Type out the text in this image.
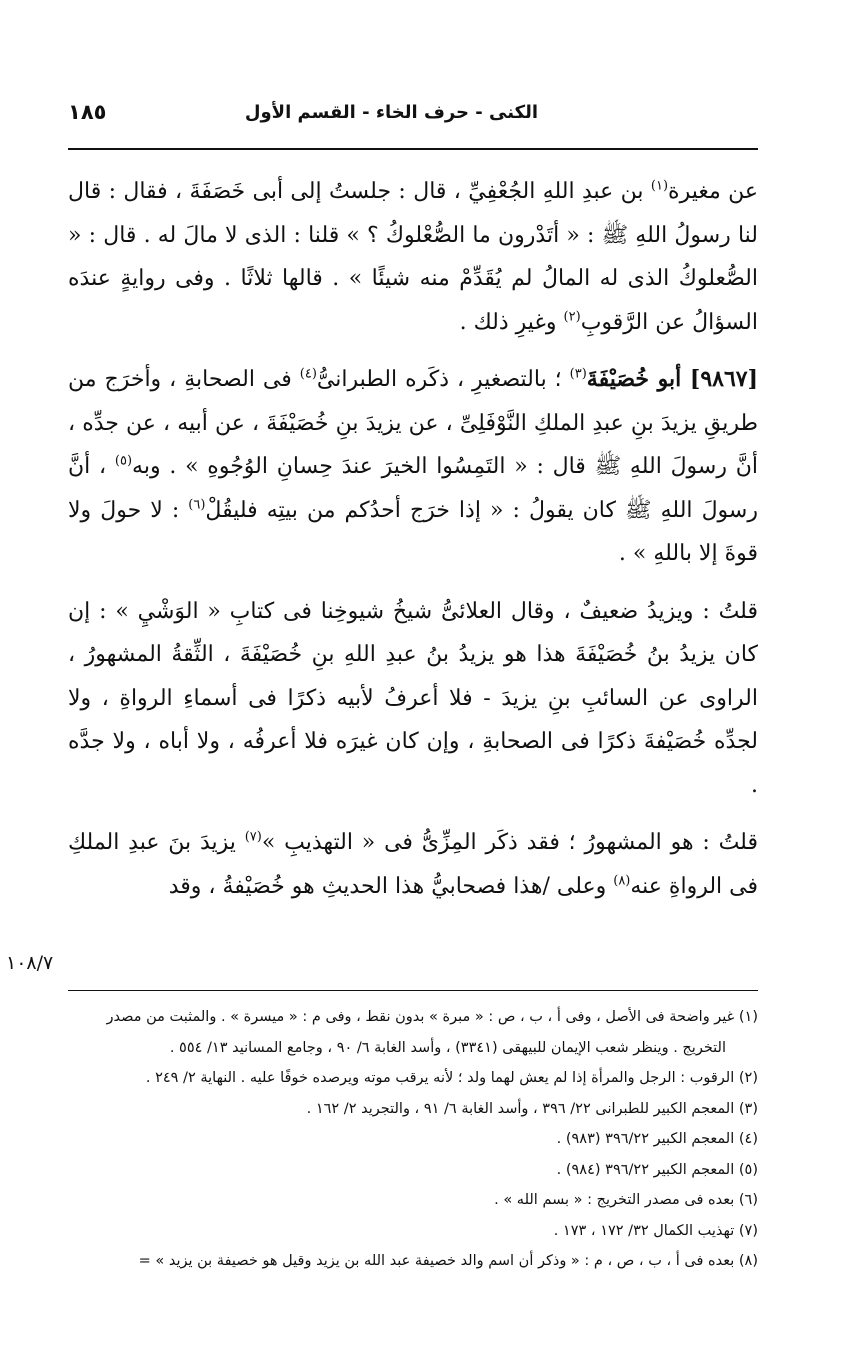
الكنى - حرف الخاء - القسم الأول
١٨٥

عن مغيرة$^{(١)}$ بن عبدِ اللهِ الجُعْفِيِّ ، قال : جلستُ إلى أبى خَصَفَةَ ، فقال : قال لنا رسولُ اللهِ ﷺ : « أتَدْرون ما الصُّعْلوكُ ؟ » قلنا : الذى لا مالَ له . قال : « الصُّعلوكُ الذى له المالُ لم يُقَدِّمْ منه شيئًا » . قالها ثلاثًا . وفى روايةٍ عندَه السؤالُ عن الرَّقوبِ$^{(٢)}$ وغيرِ ذلك .

[٩٨٦٧] أبو خُصَيْفَةَ$^{(٣)}$ ؛ بالتصغيرِ ، ذكَره الطبرانىُّ$^{(٤)}$ فى الصحابةِ ، وأخرَج من طريقِ يزيدَ بنِ عبدِ الملكِ النَّوْفَلِىِّ ، عن يزيدَ بنِ خُصَيْفَةَ ، عن أبيه ، عن جدِّه ، أنَّ رسولَ اللهِ ﷺ قال : « التَمِسُوا الخيرَ عندَ حِسانِ الوُجُوهِ » . وبه$^{(٥)}$ ، أنَّ رسولَ اللهِ ﷺ كان يقولُ : « إذا خرَج أحدُكم من بيتِه فليقُلْ$^{(٦)}$ : لا حولَ ولا قوةَ إلا باللهِ » .

قلتُ : ويزيدُ ضعيفٌ ، وقال العلائىُّ شيخُ شيوخِنا فى كتابِ « الوَشْيِ » : إن كان يزيدُ بنُ خُصَيْفَةَ هذا هو يزيدُ بنُ عبدِ اللهِ بنِ خُصَيْفَةَ ، الثِّقةُ المشهورُ ، الراوى عن السائبِ بنِ يزيدَ - فلا أعرفُ لأبيه ذكرًا فى أسماءِ الرواةِ ، ولا لجدِّه خُصَيْفةَ ذكرًا فى الصحابةِ ، وإن كان غيرَه فلا أعرفُه ، ولا أباه ، ولا جدَّه .

قلتُ : هو المشهورُ ؛ فقد ذكَر المِزِّىُّ فى « التهذيبِ »$^{(٧)}$ يزيدَ بنَ عبدِ الملكِ فى الرواةِ عنه$^{(٨)}$ وعلى /هذا فصحابيُّ هذا الحديثِ هو خُصَيْفةُ ، وقد

١٠٨/٧

(١) غير واضحة فى الأصل ، وفى أ ، ب ، ص : « مبرة » بدون نقط ، وفى م : « ميسرة » . والمثبت من مصدر

التخريج . وينظر شعب الإيمان للبيهقى (٣٣٤١) ، وأسد الغابة ٦/ ٩٠ ، وجامع المسانيد ١٣/ ٥٥٤ .

(٢) الرقوب : الرجل والمرأة إذا لم يعش لهما ولد ؛ لأنه يرقب موته ويرصده خوفًا عليه . النهاية ٢/ ٢٤٩ .

(٣) المعجم الكبير للطبرانى ٢٢/ ٣٩٦ ، وأسد الغابة ٦/ ٩١ ، والتجريد ٢/ ١٦٢ .

(٤) المعجم الكبير ٣٩٦/٢٢ (٩٨٣) .

(٥) المعجم الكبير ٣٩٦/٢٢ (٩٨٤) .

(٦) بعده فى مصدر التخريج : « بسم الله » .

(٧) تهذيب الكمال ٣٢/ ١٧٢ ، ١٧٣ .

(٨) بعده فى أ ، ب ، ص ، م : « وذكر أن اسم والد خصيفة عبد الله بن يزيد وقيل هو خصيفة بن يزيد » =
